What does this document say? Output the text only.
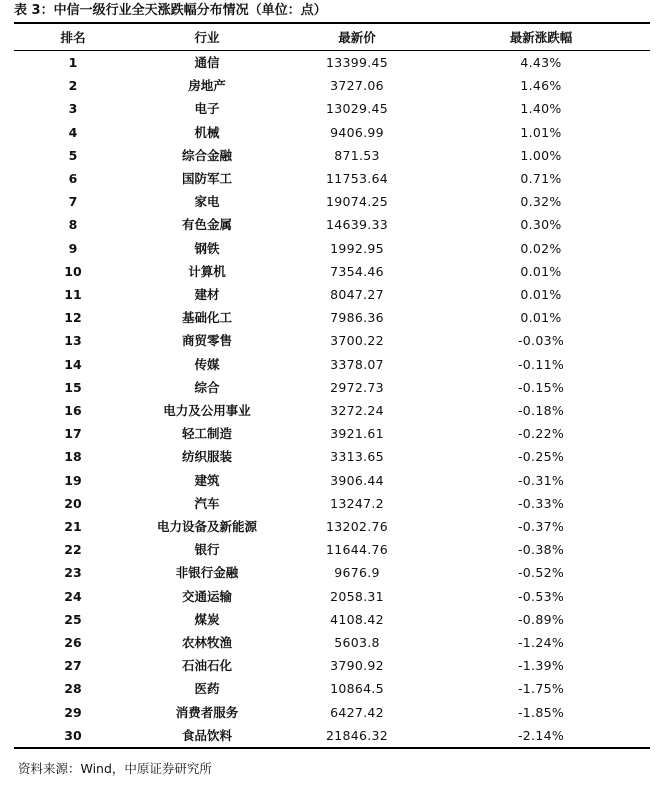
表 3：中信一级行业全天涨跌幅分布情况（单位：点）
排名	行业	最新价	最新涨跌幅
1	通信	13399.45	4.43%
2	房地产	3727.06	1.46%
3	电子	13029.45	1.40%
4	机械	9406.99	1.01%
5	综合金融	871.53	1.00%
6	国防军工	11753.64	0.71%
7	家电	19074.25	0.32%
8	有色金属	14639.33	0.30%
9	钢铁	1992.95	0.02%
10	计算机	7354.46	0.01%
11	建材	8047.27	0.01%
12	基础化工	7986.36	0.01%
13	商贸零售	3700.22	-0.03%
14	传媒	3378.07	-0.11%
15	综合	2972.73	-0.15%
16	电力及公用事业	3272.24	-0.18%
17	轻工制造	3921.61	-0.22%
18	纺织服装	3313.65	-0.25%
19	建筑	3906.44	-0.31%
20	汽车	13247.2	-0.33%
21	电力设备及新能源	13202.76	-0.37%
22	银行	11644.76	-0.38%
23	非银行金融	9676.9	-0.52%
24	交通运输	2058.31	-0.53%
25	煤炭	4108.42	-0.89%
26	农林牧渔	5603.8	-1.24%
27	石油石化	3790.92	-1.39%
28	医药	10864.5	-1.75%
29	消费者服务	6427.42	-1.85%
30	食品饮料	21846.32	-2.14%
资料来源：Wind，中原证券研究所
